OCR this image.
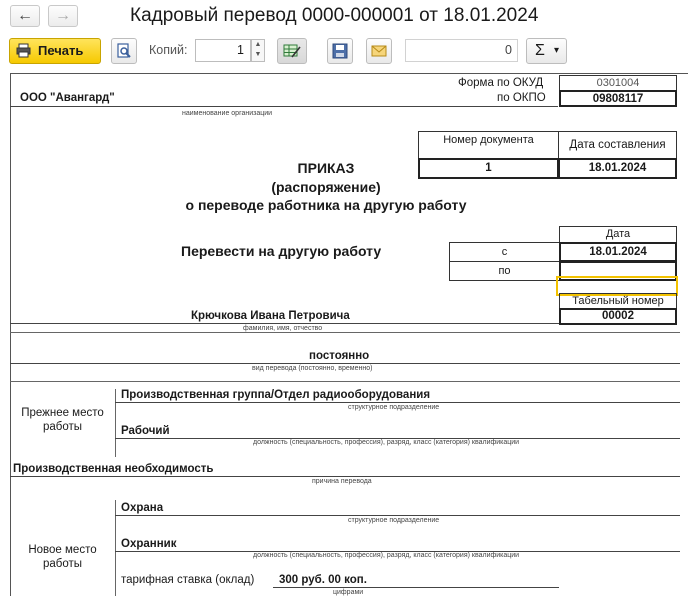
←	→	Кадровый перевод 0000-000001 от 18.01.2024
Печать	Копий:	1	▲
▼	0	Σ ▾
Форма по ОКУД	0301004
по ОКПО	09808117
ООО "Авангард"
наименование организации
Номер документа	Дата составления
1	18.01.2024
ПРИКАЗ
(распоряжение)
о переводе работника на другую работу
Перевести на другую работу
Дата
с	18.01.2024
по
Табельный номер
00002
Крючкова Ивана Петровича
фамилия, имя, отчество
постоянно
вид перевода (постоянно, временно)
Прежнее место
работы
Производственная группа/Отдел радиооборудования
структурное подразделение
Рабочий
должность (специальность, профессия), разряд, класс (категория) квалификации
Производственная необходимость
причина перевода
Новое место
работы
Охрана
структурное подразделение
Охранник
должность (специальность, профессия), разряд, класс (категория) квалификации
тарифная ставка (оклад) 300 руб. 00 коп.
цифрами
